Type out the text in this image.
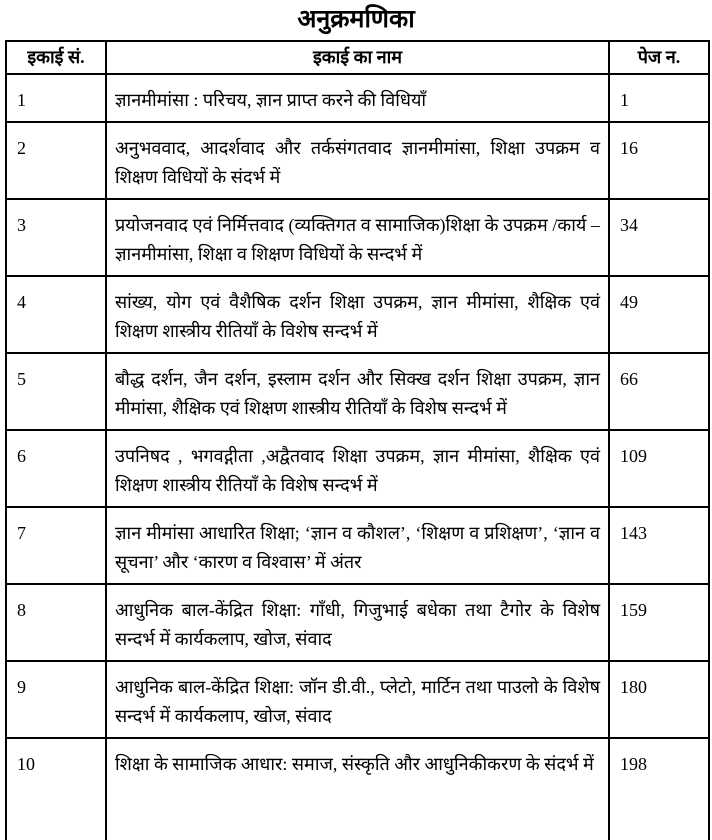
अनुक्रमणिका
इकाई सं.	इकाई का नाम	पेज न.
1	ज्ञानमीमांसा : परिचय, ज्ञान प्राप्त करने की विधियाँ	1
2	अनुभववाद, आदर्शवाद और तर्कसंगतवाद ज्ञानमीमांसा, शिक्षा उपक्रम व शिक्षण विधियों के संदर्भ में	16
3	प्रयोजनवाद एवं निर्मित्तवाद (व्यक्तिगत व सामाजिक)शिक्षा के उपक्रम /कार्य –ज्ञानमीमांसा, शिक्षा व शिक्षण विधियों के सन्दर्भ में	34
4	सांख्य, योग एवं वैशैषिक दर्शन शिक्षा उपक्रम, ज्ञान मीमांसा, शैक्षिक एवं शिक्षण शास्त्रीय रीतियाँ के विशेष सन्दर्भ में	49
5	बौद्ध दर्शन, जैन दर्शन, इस्लाम दर्शन और सिक्ख दर्शन शिक्षा उपक्रम, ज्ञान मीमांसा, शैक्षिक एवं शिक्षण शास्त्रीय रीतियाँ के विशेष सन्दर्भ में	66
6	उपनिषद , भगवद्गीता ,अद्वैतवाद शिक्षा उपक्रम, ज्ञान मीमांसा, शैक्षिक एवं शिक्षण शास्त्रीय रीतियाँ के विशेष सन्दर्भ में	109
7	ज्ञान मीमांसा आधारित शिक्षा; ‘ज्ञान व कौशल’, ‘शिक्षण व प्रशिक्षण’, ‘ज्ञान व सूचना’ और ‘कारण व विश्वास’ में अंतर	143
8	आधुनिक बाल-केंद्रित शिक्षा: गाँधी, गिजुभाई बधेका तथा टैगोर के विशेष सन्दर्भ में कार्यकलाप, खोज, संवाद	159
9	आधुनिक बाल-केंद्रित शिक्षा: जॉन डी.वी., प्लेटो, मार्टिन तथा पाउलो के विशेष सन्दर्भ में कार्यकलाप, खोज, संवाद	180
10	शिक्षा के सामाजिक आधार: समाज, संस्कृति और आधुनिकीकरण के संदर्भ में	198
